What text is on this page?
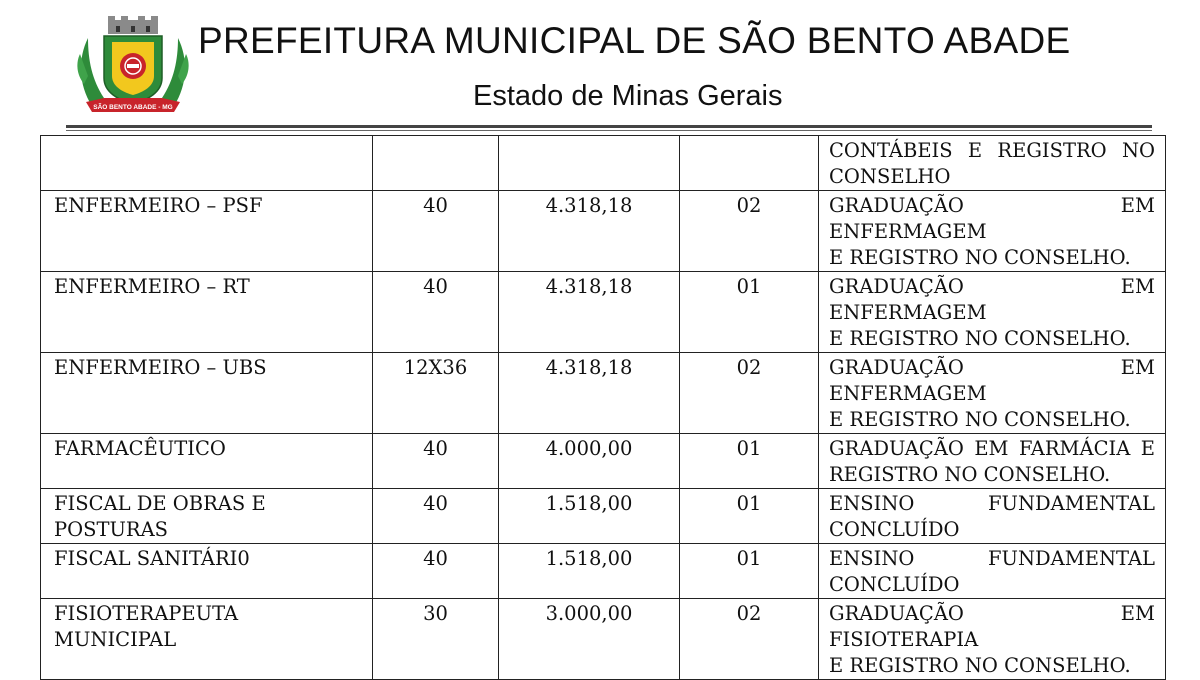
SÃO BENTO ABADE - MG
PREFEITURA MUNICIPAL DE SÃO BENTO ABADE
Estado de Minas Gerais

				CONTÁBEIS E REGISTRO NO
CONSELHO

ENFERMEIRO – PSF	40	4.318,18	02	GRADUAÇÃO EM ENFERMAGEM
E REGISTRO NO CONSELHO.

ENFERMEIRO – RT	40	4.318,18	01	GRADUAÇÃO EM ENFERMAGEM
E REGISTRO NO CONSELHO.

ENFERMEIRO – UBS	12X36	4.318,18	02	GRADUAÇÃO EM ENFERMAGEM
E REGISTRO NO CONSELHO.

FARMACÊUTICO	40	4.000,00	01	GRADUAÇÃO EM FARMÁCIA E
REGISTRO NO CONSELHO.

FISCAL DE OBRAS E
POSTURAS	40	1.518,00	01	ENSINO FUNDAMENTAL
CONCLUÍDO

FISCAL SANITÁRI0	40	1.518,00	01	ENSINO FUNDAMENTAL
CONCLUÍDO

FISIOTERAPEUTA
MUNICIPAL	30	3.000,00	02	GRADUAÇÃO EM FISIOTERAPIA
E REGISTRO NO CONSELHO.
